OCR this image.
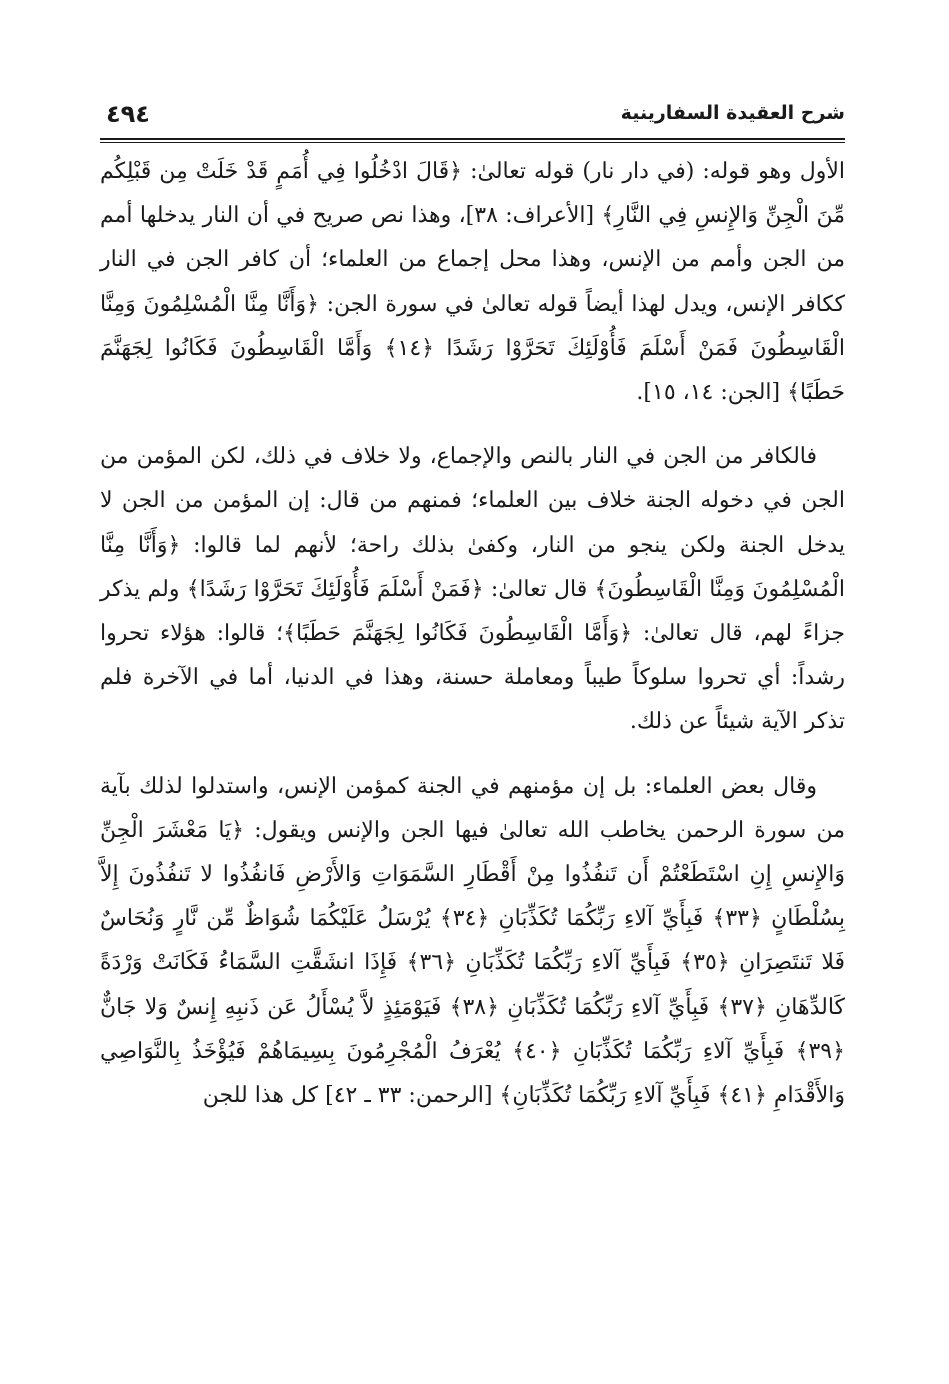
شرح العقيدة السفارينية
٤٩٤

الأول وهو قوله: (في دار نار) قوله تعالىٰ: ﴿قَالَ ادْخُلُوا فِي أُمَمٍ قَدْ خَلَتْ مِن قَبْلِكُم مِّنَ الْجِنِّ وَالإِنسِ فِي النَّارِ﴾ [الأعراف: ٣٨]، وهذا نص صريح في أن النار يدخلها أمم من الجن وأمم من الإنس، وهذا محل إجماع من العلماء؛ أن كافر الجن في النار ككافر الإنس، ويدل لهذا أيضاً قوله تعالىٰ في سورة الجن: ﴿وَأَنَّا مِنَّا الْمُسْلِمُونَ وَمِنَّا الْقَاسِطُونَ فَمَنْ أَسْلَمَ فَأُوْلَئِكَ تَحَرَّوْا رَشَدًا ﴿١٤﴾ وَأَمَّا الْقَاسِطُونَ فَكَانُوا لِجَهَنَّمَ حَطَبًا﴾ [الجن: ١٤، ١٥].

فالكافر من الجن في النار بالنص والإجماع، ولا خلاف في ذلك، لكن المؤمن من الجن في دخوله الجنة خلاف بين العلماء؛ فمنهم من قال: إن المؤمن من الجن لا يدخل الجنة ولكن ينجو من النار، وكفىٰ بذلك راحة؛ لأنهم لما قالوا: ﴿وَأَنَّا مِنَّا الْمُسْلِمُونَ وَمِنَّا الْقَاسِطُونَ﴾ قال تعالىٰ: ﴿فَمَنْ أَسْلَمَ فَأُوْلَئِكَ تَحَرَّوْا رَشَدًا﴾ ولم يذكر جزاءً لهم، قال تعالىٰ: ﴿وَأَمَّا الْقَاسِطُونَ فَكَانُوا لِجَهَنَّمَ حَطَبًا﴾؛ قالوا: هؤلاء تحروا رشداً: أي تحروا سلوكاً طيباً ومعاملة حسنة، وهذا في الدنيا، أما في الآخرة فلم تذكر الآية شيئاً عن ذلك.

وقال بعض العلماء: بل إن مؤمنهم في الجنة كمؤمن الإنس، واستدلوا لذلك بآية من سورة الرحمن يخاطب الله تعالىٰ فيها الجن والإنس ويقول: ﴿يَا مَعْشَرَ الْجِنِّ وَالإِنسِ إِنِ اسْتَطَعْتُمْ أَن تَنفُذُوا مِنْ أَقْطَارِ السَّمَوَاتِ وَالأَرْضِ فَانفُذُوا لا تَنفُذُونَ إِلاَّ بِسُلْطَانٍ ﴿٣٣﴾ فَبِأَيِّ آلاءِ رَبِّكُمَا تُكَذِّبَانِ ﴿٣٤﴾ يُرْسَلُ عَلَيْكُمَا شُوَاظٌ مِّن نَّارٍ وَنُحَاسٌ فَلا تَنتَصِرَانِ ﴿٣٥﴾ فَبِأَيِّ آلاءِ رَبِّكُمَا تُكَذِّبَانِ ﴿٣٦﴾ فَإِذَا انشَقَّتِ السَّمَاءُ فَكَانَتْ وَرْدَةً كَالدِّهَانِ ﴿٣٧﴾ فَبِأَيِّ آلاءِ رَبِّكُمَا تُكَذِّبَانِ ﴿٣٨﴾ فَيَوْمَئِذٍ لاَّ يُسْأَلُ عَن ذَنبِهِ إِنسٌ وَلا جَانٌّ ﴿٣٩﴾ فَبِأَيِّ آلاءِ رَبِّكُمَا تُكَذِّبَانِ ﴿٤٠﴾ يُعْرَفُ الْمُجْرِمُونَ بِسِيمَاهُمْ فَيُؤْخَذُ بِالنَّوَاصِي وَالأَقْدَامِ ﴿٤١﴾ فَبِأَيِّ آلاءِ رَبِّكُمَا تُكَذِّبَانِ﴾ [الرحمن: ٣٣ ـ ٤٢] كل هذا للجن
